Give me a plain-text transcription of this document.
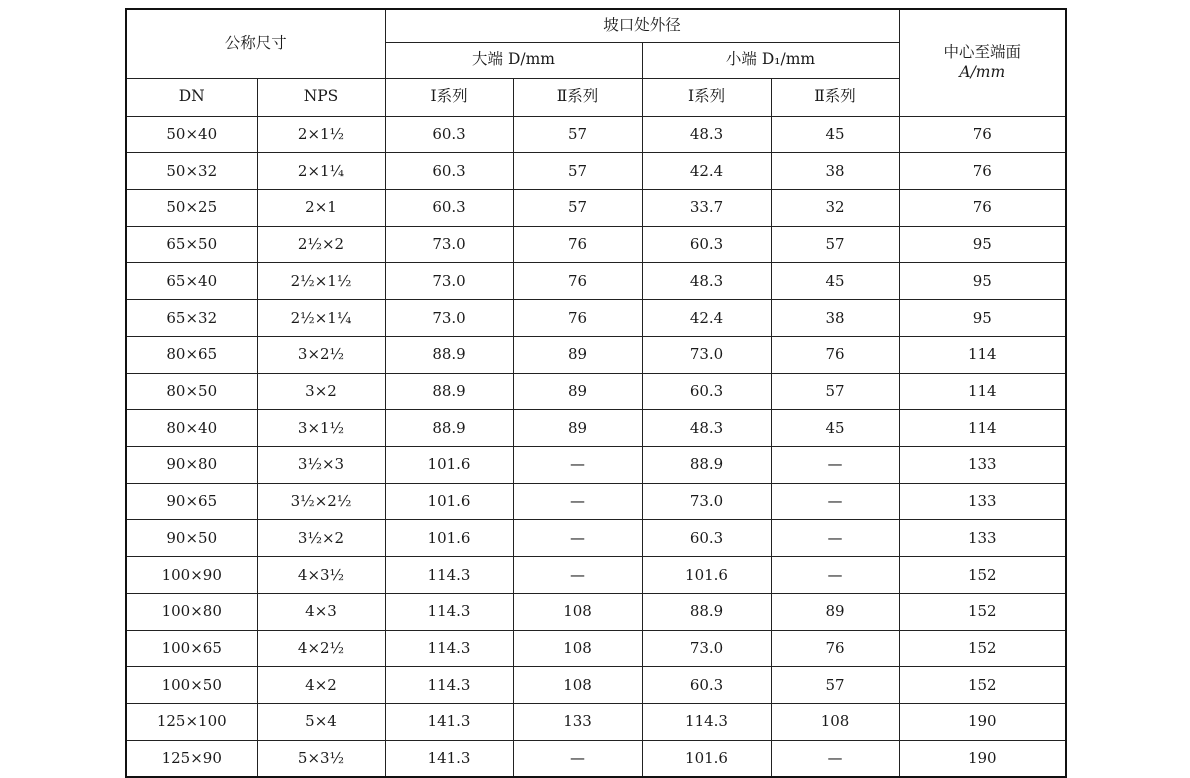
公称尺寸		坡口处外径				中心至端面
A/mm

		大端 D/mm		小端 D₁/mm		
DN	NPS	Ⅰ系列	Ⅱ系列	Ⅰ系列	Ⅱ系列	
50×40	2×1½	60.3	57	48.3	45	76
50×32	2×1¼	60.3	57	42.4	38	76
50×25	2×1	60.3	57	33.7	32	76
65×50	2½×2	73.0	76	60.3	57	95
65×40	2½×1½	73.0	76	48.3	45	95
65×32	2½×1¼	73.0	76	42.4	38	95
80×65	3×2½	88.9	89	73.0	76	114
80×50	3×2	88.9	89	60.3	57	114
80×40	3×1½	88.9	89	48.3	45	114
90×80	3½×3	101.6	—	88.9	—	133
90×65	3½×2½	101.6	—	73.0	—	133
90×50	3½×2	101.6	—	60.3	—	133
100×90	4×3½	114.3	—	101.6	—	152
100×80	4×3	114.3	108	88.9	89	152
100×65	4×2½	114.3	108	73.0	76	152
100×50	4×2	114.3	108	60.3	57	152
125×100	5×4	141.3	133	114.3	108	190
125×90	5×3½	141.3	—	101.6	—	190
